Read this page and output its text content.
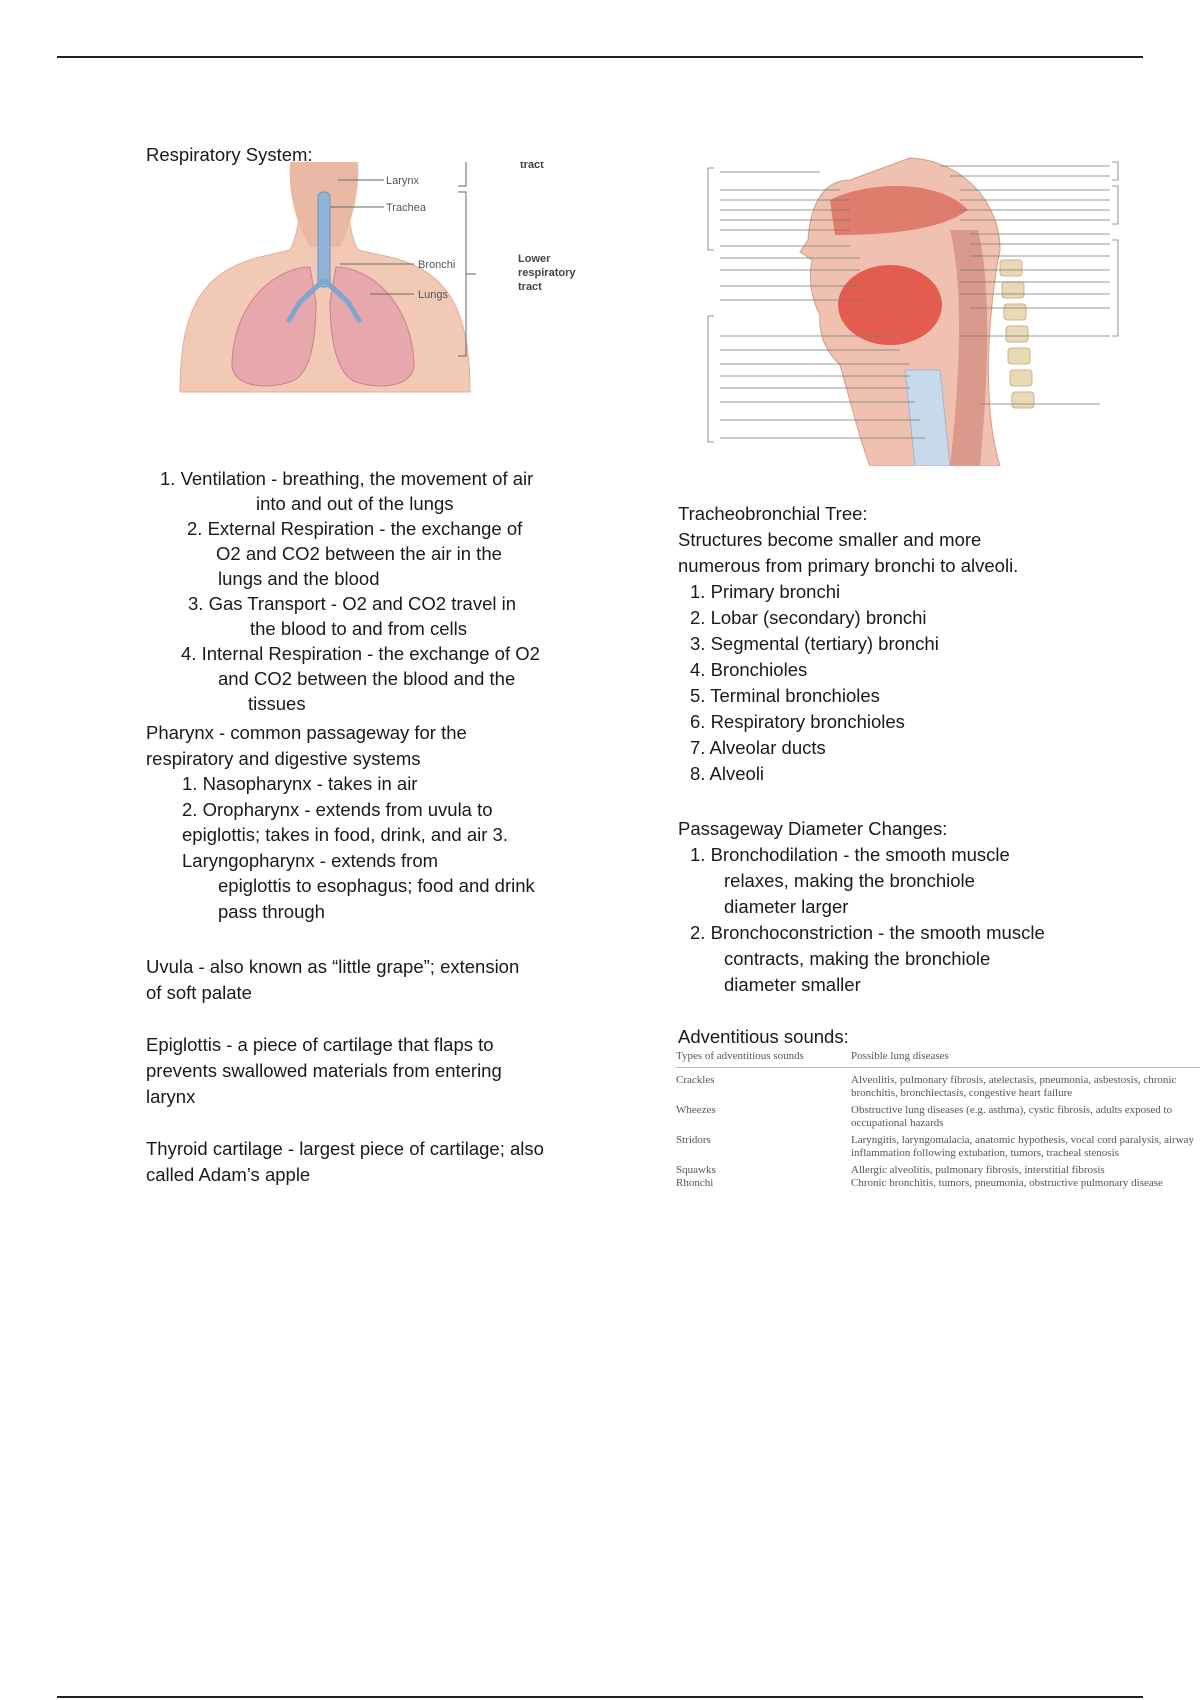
Larynx
Trachea
Bronchi
Lungs
tract
Lower
respiratory
tract

Respiratory System:

1. Ventilation - breathing, the movement of air
into and out of the lungs
2. External Respiration - the exchange of
O2 and CO2 between the air in the
lungs and the blood
3. Gas Transport - O2 and CO2 travel in
the blood to and from cells
4. Internal Respiration - the exchange of O2
and CO2 between the blood and the
tissues
Pharynx - common passageway for the
respiratory and digestive systems
1. Nasopharynx - takes in air
2. Oropharynx - extends from uvula to
epiglottis; takes in food, drink, and air 3.
Laryngopharynx - extends from
epiglottis to esophagus; food and drink
pass through
Uvula - also known as “little grape”; extension
of soft palate
Epiglottis - a piece of cartilage that flaps to
prevents swallowed materials from entering
larynx
Thyroid cartilage - largest piece of cartilage; also
called Adam’s apple
Tracheobronchial Tree:
Structures become smaller and more
numerous from primary bronchi to alveoli.
1. Primary bronchi
2. Lobar (secondary) bronchi
3. Segmental (tertiary) bronchi
4. Bronchioles
5. Terminal bronchioles
6. Respiratory bronchioles
7. Alveolar ducts
8. Alveoli
Passageway Diameter Changes:
1. Bronchodilation - the smooth muscle
relaxes, making the bronchiole
diameter larger
2. Bronchoconstriction - the smooth muscle
contracts, making the bronchiole
diameter smaller
Adventitious sounds:
Types of adventitious sounds	Possible lung diseases
Crackles	Alveolitis, pulmonary fibrosis, atelectasis, pneumonia, asbestosis, chronic bronchitis, bronchiectasis, congestive heart failure
Wheezes	Obstructive lung diseases (e.g. asthma), cystic fibrosis, adults exposed to occupational hazards
Stridors	Laryngitis, laryngomalacia, anatomic hypothesis, vocal cord paralysis, airway inflammation following extubation, tumors, tracheal stenosis
Squawks	Allergic alveolitis, pulmonary fibrosis, interstitial fibrosis
Rhonchi	Chronic bronchitis, tumors, pneumonia, obstructive pulmonary disease
